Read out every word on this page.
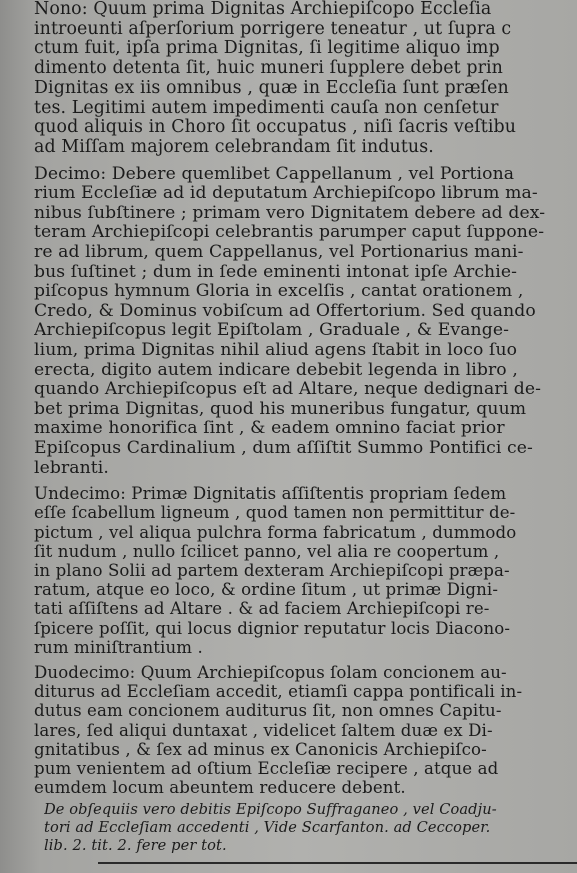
Nono: Quum prima Dignitas Archiepiſcopo Eccleſia
introeunti aſperſorium porrigere teneatur , ut ſupra c
ctum fuit, ipſa prima Dignitas, ſi legitime aliquo imp
dimento detenta ſit, huic muneri ſupplere debet prin
Dignitas ex iis omnibus , quæ in Eccleſia ſunt præſen
tes. Legitimi autem impedimenti cauſa non cenſetur
quod aliquis in Choro ſit occupatus , niſi ſacris veſtibu
ad Miſſam majorem celebrandam ſit indutus.
Decimo: Debere quemlibet Cappellanum , vel Portiona
rium Eccleſiæ ad id deputatum Archiepiſcopo librum ma-
nibus ſubſtinere ; primam vero Dignitatem debere ad dex-
teram Archiepiſcopi celebrantis parumper caput ſuppone-
re ad librum, quem Cappellanus, vel Portionarius mani-
bus ſuſtinet ; dum in ſede eminenti intonat ipſe Archie-
piſcopus hymnum Gloria in excelſis , cantat orationem ,
Credo, & Dominus vobiſcum ad Offertorium. Sed quando
Archiepiſcopus legit Epiſtolam , Graduale , & Evange-
lium, prima Dignitas nihil aliud agens ſtabit in loco ſuo
erecta, digito autem indicare debebit legenda in libro ,
quando Archiepiſcopus eſt ad Altare, neque dedignari de-
bet prima Dignitas, quod his muneribus fungatur, quum
maxime honorifica ſint , & eadem omnino faciat prior
Epiſcopus Cardinalium , dum aſſiſtit Summo Pontifici ce-
lebranti.
Undecimo: Primæ Dignitatis aſſiſtentis propriam ſedem
eſſe ſcabellum ligneum , quod tamen non permittitur de-
pictum , vel aliqua pulchra forma fabricatum , dummodo
ſit nudum , nullo ſcilicet panno, vel alia re coopertum ,
in plano Solii ad partem dexteram Archiepiſcopi præpa-
ratum, atque eo loco, & ordine ſitum , ut primæ Digni-
tati aſſiſtens ad Altare . & ad faciem Archiepiſcopi re-
ſpicere poſſit, qui locus dignior reputatur locis Diacono-
rum miniſtrantium .
Duodecimo: Quum Archiepiſcopus ſolam concionem au-
diturus ad Eccleſiam accedit, etiamſi cappa pontificali in-
dutus eam concionem auditurus ſit, non omnes Capitu-
lares, ſed aliqui duntaxat , videlicet ſaltem duæ ex Di-
gnitatibus , & ſex ad minus ex Canonicis Archiepiſco-
pum venientem ad oſtium Eccleſiæ recipere , atque ad
eumdem locum abeuntem reducere debent.
De obſequiis vero debitis Epiſcopo Suffraganeo , vel Coadju-
tori ad Eccleſiam accedenti , Vide Scarfanton. ad Ceccoper.
lib. 2. tit. 2. fere per tot.
